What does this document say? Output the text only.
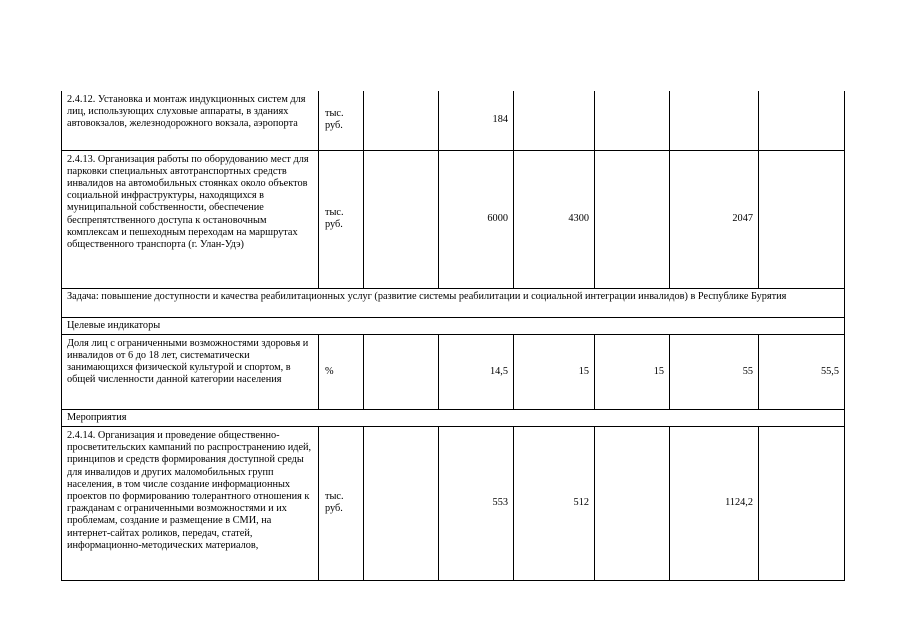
2.4.12. Установка и монтаж индукционных систем для лиц, использующих слуховые аппараты, в зданиях автовокзалов, железнодорожного вокзала, аэропорта	тыс. руб.		184				
2.4.13. Организация работы по оборудованию мест для парковки специальных автотранспортных средств инвалидов на автомобильных стоянках около объектов социальной инфраструктуры, находящихся в муниципальной собственности, обеспечение беспрепятственного доступа к остановочным комплексам и пешеходным переходам на маршрутах общественного транспорта (г. Улан-Удэ)	тыс. руб.		6000	4300		2047	
Задача: повышение доступности и качества реабилитационных услуг (развитие системы реабилитации и социальной интеграции инвалидов) в Республике Бурятия							
Целевые индикаторы							
Доля лиц с ограниченными возможностями здоровья и инвалидов от 6 до 18 лет, систематически занимающихся физической культурой и спортом, в общей численности данной категории населения	%		14,5	15	15	55	55,5
Мероприятия							

2.4.14. Организация и проведение общественно-просветительских кампаний по распространению идей, принципов и средств формирования доступной среды для инвалидов и других маломобильных групп населения, в том числе создание информационных проектов по формированию толерантного отношения к гражданам с ограниченными возможностями и их проблемам, создание и размещение в СМИ, на интернет-сайтах роликов, передач, статей, информационно-методических материалов,	тыс. руб.		553	512		1124,2	
